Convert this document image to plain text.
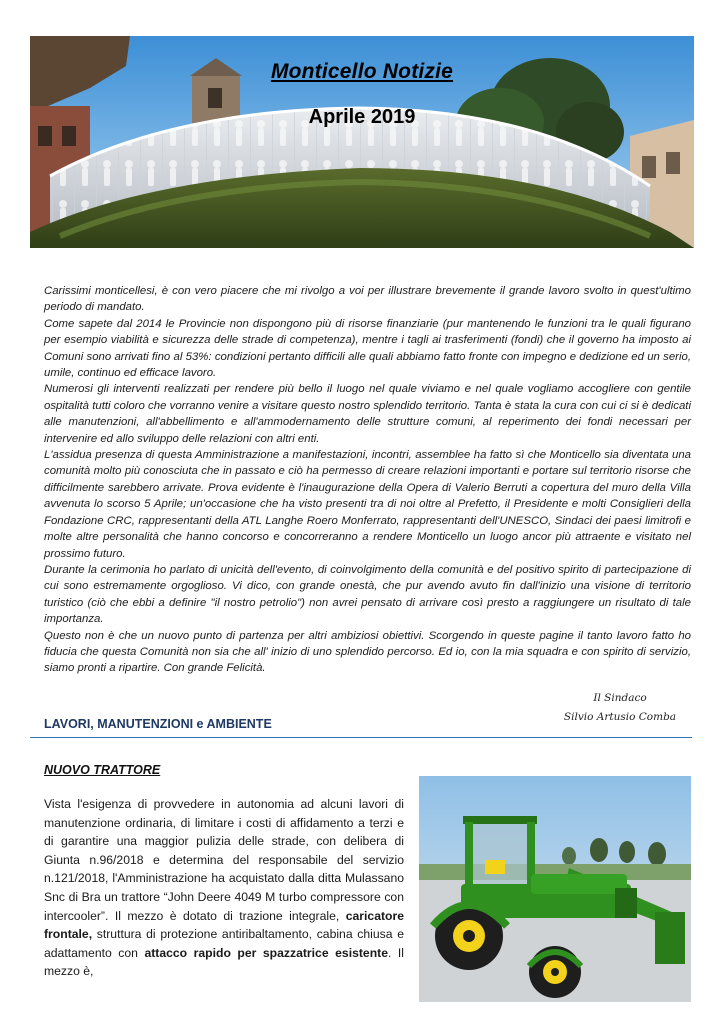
Monticello Notizie
Aprile 2019

Carissimi monticellesi, è con vero piacere che mi rivolgo a voi per illustrare brevemente il grande lavoro svolto in quest'ultimo periodo di mandato.

Come sapete dal 2014 le Provincie non dispongono più di risorse finanziarie (pur mantenendo le funzioni tra le quali figurano per esempio viabilità e sicurezza delle strade di competenza), mentre i tagli ai trasferimenti (fondi) che il governo ha imposto ai Comuni sono arrivati fino al 53%: condizioni pertanto difficili alle quali abbiamo fatto fronte con impegno e dedizione ed un serio, umile, continuo ed efficace lavoro.

Numerosi gli interventi realizzati per rendere più bello il luogo nel quale viviamo e nel quale vogliamo accogliere con gentile ospitalità tutti coloro che vorranno venire a visitare questo nostro splendido territorio. Tanta è stata la cura con cui ci si è dedicati alle manutenzioni, all'abbellimento e all'ammodernamento delle strutture comuni, al reperimento dei fondi necessari per intervenire ed allo sviluppo delle relazioni con altri enti.

L'assidua presenza di questa Amministrazione a manifestazioni, incontri, assemblee ha fatto sì che Monticello sia diventata una comunità molto più conosciuta che in passato e ciò ha permesso di creare relazioni importanti e portare sul territorio risorse che difficilmente sarebbero arrivate. Prova evidente è l'inaugurazione della Opera di Valerio Berruti a copertura del muro della Villa avvenuta lo scorso 5 Aprile; un'occasione che ha visto presenti tra di noi oltre al Prefetto, il Presidente e molti Consiglieri della Fondazione CRC, rappresentanti della ATL Langhe Roero Monferrato, rappresentanti dell'UNESCO, Sindaci dei paesi limitrofi e molte altre personalità che hanno concorso e concorreranno a rendere Monticello un luogo ancor più attraente e visitato nel prossimo futuro.

Durante la cerimonia ho parlato di unicità dell'evento, di coinvolgimento della comunità e del positivo spirito di partecipazione di cui sono estremamente orgoglioso. Vi dico, con grande onestà, che pur avendo avuto fin dall'inizio una visione di territorio turistico (ciò che ebbi a definire "il nostro petrolio") non avrei pensato di arrivare così presto a raggiungere un risultato di tale importanza.

Questo non è che un nuovo punto di partenza per altri ambiziosi obiettivi. Scorgendo in queste pagine il tanto lavoro fatto ho fiducia che questa Comunità non sia che all' inizio di uno splendido percorso. Ed io, con la mia squadra e con spirito di servizio, siamo pronti a ripartire. Con grande Felicità.

Il Sindaco
Silvio Artusio Comba
LAVORI, MANUTENZIONI e AMBIENTE
NUOVO TRATTORE
Vista l'esigenza di provvedere in autonomia ad alcuni lavori di manutenzione ordinaria, di limitare i costi di affidamento a terzi e di garantire una maggior pulizia delle strade, con delibera di Giunta n.96/2018 e determina del responsabile del servizio n.121/2018, l'Amministrazione ha acquistato dalla ditta Mulassano Snc di Bra un trattore “John Deere 4049 M turbo compressore con intercooler”. Il mezzo è dotato di trazione integrale, caricatore frontale, struttura di protezione antiribaltamento, cabina chiusa e adattamento con attacco rapido per spazzatrice esistente. Il mezzo è,
